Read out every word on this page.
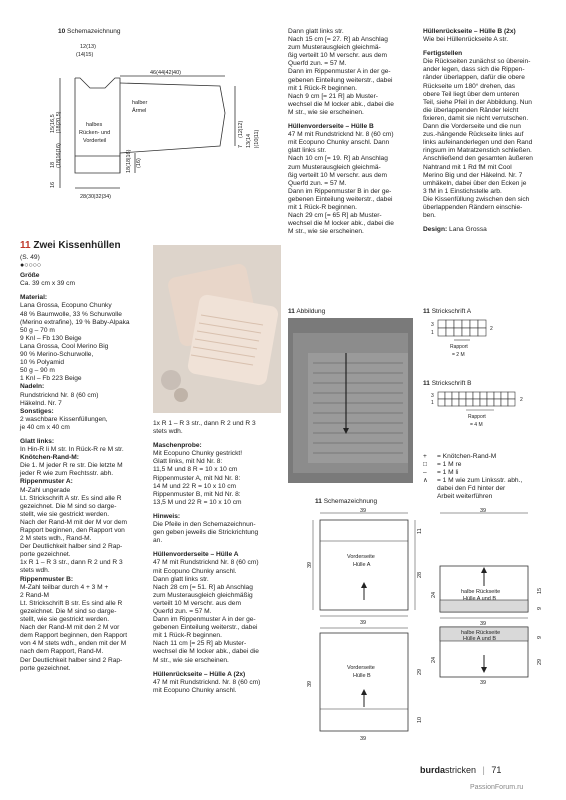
10 Schemazeichnung
12(13)
(14|15)
46(44|42|40)
28(30|32|34)
halber
Ärmel
halbes
Rücken- und
Vorderteil
15(16,5 |18|20,5)
18 (18|16|16)
16
18(18|16) (16)
7
(12|12)
13(14 |(10|11)
11 Zwei Kissenhüllen

(S. 49)

●○○○○

Größe

Ca. 39 cm x 39 cm

Material:

Lana Grossa, Ecopuno Chunky

48 % Baumwolle, 33 % Schurwolle

(Merino extrafine), 19 % Baby-Alpaka

50 g – 70 m

9 Knl – Fb 130 Beige

Lana Grossa, Cool Merino Big

90 % Merino-Schurwolle,

10 % Polyamid

50 g – 90 m

1 Knl – Fb 223 Beige

Nadeln:

Rundstricknd Nr. 8 (60 cm)

Häkelnd. Nr. 7

Sonstiges:

2 waschbare Kissenfüllungen,

je 40 cm x 40 cm

Glatt links:

In Hin-R li M str. In Rück-R re M str.

Knötchen-Rand-M:

Die 1. M jeder R re str. Die letzte M

jeder R wie zum Rechtsstr. abh.

Rippenmuster A:

M-Zahl ungerade

Lt. Strickschrift A str. Es sind alle R

gezeichnet. Die M sind so darge-

stellt, wie sie gestrickt werden.

Nach der Rand-M mit der M vor dem

Rapport beginnen, den Rapport von

2 M stets wdh., Rand-M.

Der Deutlichkeit halber sind 2 Rap-

porte gezeichnet.

1x R 1 – R 3 str., dann R 2 und R 3

stets wdh.

Rippenmuster B:

M-Zahl teilbar durch 4 + 3 M +

2 Rand-M

Lt. Strickschrift B str. Es sind alle R

gezeichnet. Die M sind so darge-

stellt, wie sie gestrickt werden.

Nach der Rand-M mit den 2 M vor

dem Rapport beginnen, den Rapport

von 4 M stets wdh., enden mit der M

nach dem Rapport, Rand-M.

Der Deutlichkeit halber sind 2 Rap-

porte gezeichnet.

1x R 1 – R 3 str., dann R 2 und R 3

stets wdh.

Maschenprobe:

Mit Ecopuno Chunky gestrickt!

Glatt links, mit Nd Nr. 8:

11,5 M und 8 R = 10 x 10 cm

Rippenmuster A, mit Nd Nr. 8:

14 M und 22 R = 10 x 10 cm

Rippenmuster B, mit Nd Nr. 8:

13,5 M und 22 R = 10 x 10 cm

Hinweis:

Die Pfeile in den Schemazeichnun-

gen geben jeweils die Strickrichtung

an.

Hüllenvorderseite – Hülle A

47 M mit Rundstricknd Nr. 8 (60 cm)

mit Ecopuno Chunky anschl.

Dann glatt links str.

Nach 28 cm [= 51. R] ab Anschlag

zum Musterausgleich gleichmäßig

verteilt 10 M verschr. aus dem

Querfd zun. = 57 M.

Dann im Rippenmuster A in der ge-

gebenen Einteilung weiterstr., dabei

mit 1 Rück-R beginnen.

Nach 11 cm [= 25 R] ab Muster-

wechsel die M locker abk., dabei die

M str., wie sie erscheinen.

Hüllenrückseite – Hülle A (2x)

47 M mit Rundstricknd. Nr. 8 (60 cm)

mit Ecopuno Chunky anschl.

Dann glatt links str.

Nach 15 cm [= 27. R] ab Anschlag

zum Musterausgleich gleichmä-

ßig verteilt 10 M verschr. aus dem

Querfd zun. = 57 M.

Dann im Rippenmuster A in der ge-

gebenen Einteilung weiterstr., dabei

mit 1 Rück-R beginnen.

Nach 9 cm [= 21 R] ab Muster-

wechsel die M locker abk., dabei die

M str., wie sie erscheinen.

Hüllenvorderseite – Hülle B

47 M mit Rundstricknd Nr. 8 (60 cm)

mit Ecopuno Chunky anschl. Dann

glatt links str.

Nach 10 cm [= 19. R] ab Anschlag

zum Musterausgleich gleichmä-

ßig verteilt 10 M verschr. aus dem

Querfd zun. = 57 M.

Dann im Rippenmuster B in der ge-

gebenen Einteilung weiterstr., dabei

mit 1 Rück-R beginnen.

Nach 29 cm [= 65 R] ab Muster-

wechsel die M locker abk., dabei die

M str., wie sie erscheinen.

Hüllenrückseite – Hülle B (2x)

Wie bei Hüllenrückseite A str.

Fertigstellen

Die Rückseiten zunächst so überein-

ander legen, dass sich die Rippen-

ränder überlappen, dafür die obere

Rückseite um 180° drehen, das

obere Teil liegt über dem unteren

Teil, siehe Pfeil in der Abbildung. Nun

die überlappenden Ränder leicht

fixieren, damit sie nicht verrutschen.

Dann die Vorderseite und die nun

zus.-hängende Rückseite links auf

links aufeinanderlegen und den Rand

ringsum im Matratzenstich schließen.

Anschließend den gesamten äußeren

Nahtrand mit 1 Rd fM mit Cool

Merino Big und der Häkelnd. Nr. 7

umhäkeln, dabei über den Ecken je

3 fM in 1 Einstichstelle arb.

Die Kissenfüllung zwischen den sich

überlappenden Rändern einschie-

ben.

Design: Lana Grossa

11 Abbildung	11 Strickschrift A
3
1
2
Rapport
= 2 M
11 Strickschrift B
3
1	2
Rapport
= 4 M

+ = Knötchen-Rand-M

□ = 1 M re

– = 1 M li

∧ = 1 M wie zum Linksstr. abh.,

dabei den Fd hinter der

Arbeit weiterführen

11 Schemazeichnung
39
39
Vorderseite
Hülle A
39
11
28
39
39
halbe Rückseite
Hülle A und B
24
15
9
halbe Rückseite
Hülle A und B
39
24
9
29
39
Vorderseite
Hülle B
39
29
10
burdastricken | 71
PassionForum.ru
